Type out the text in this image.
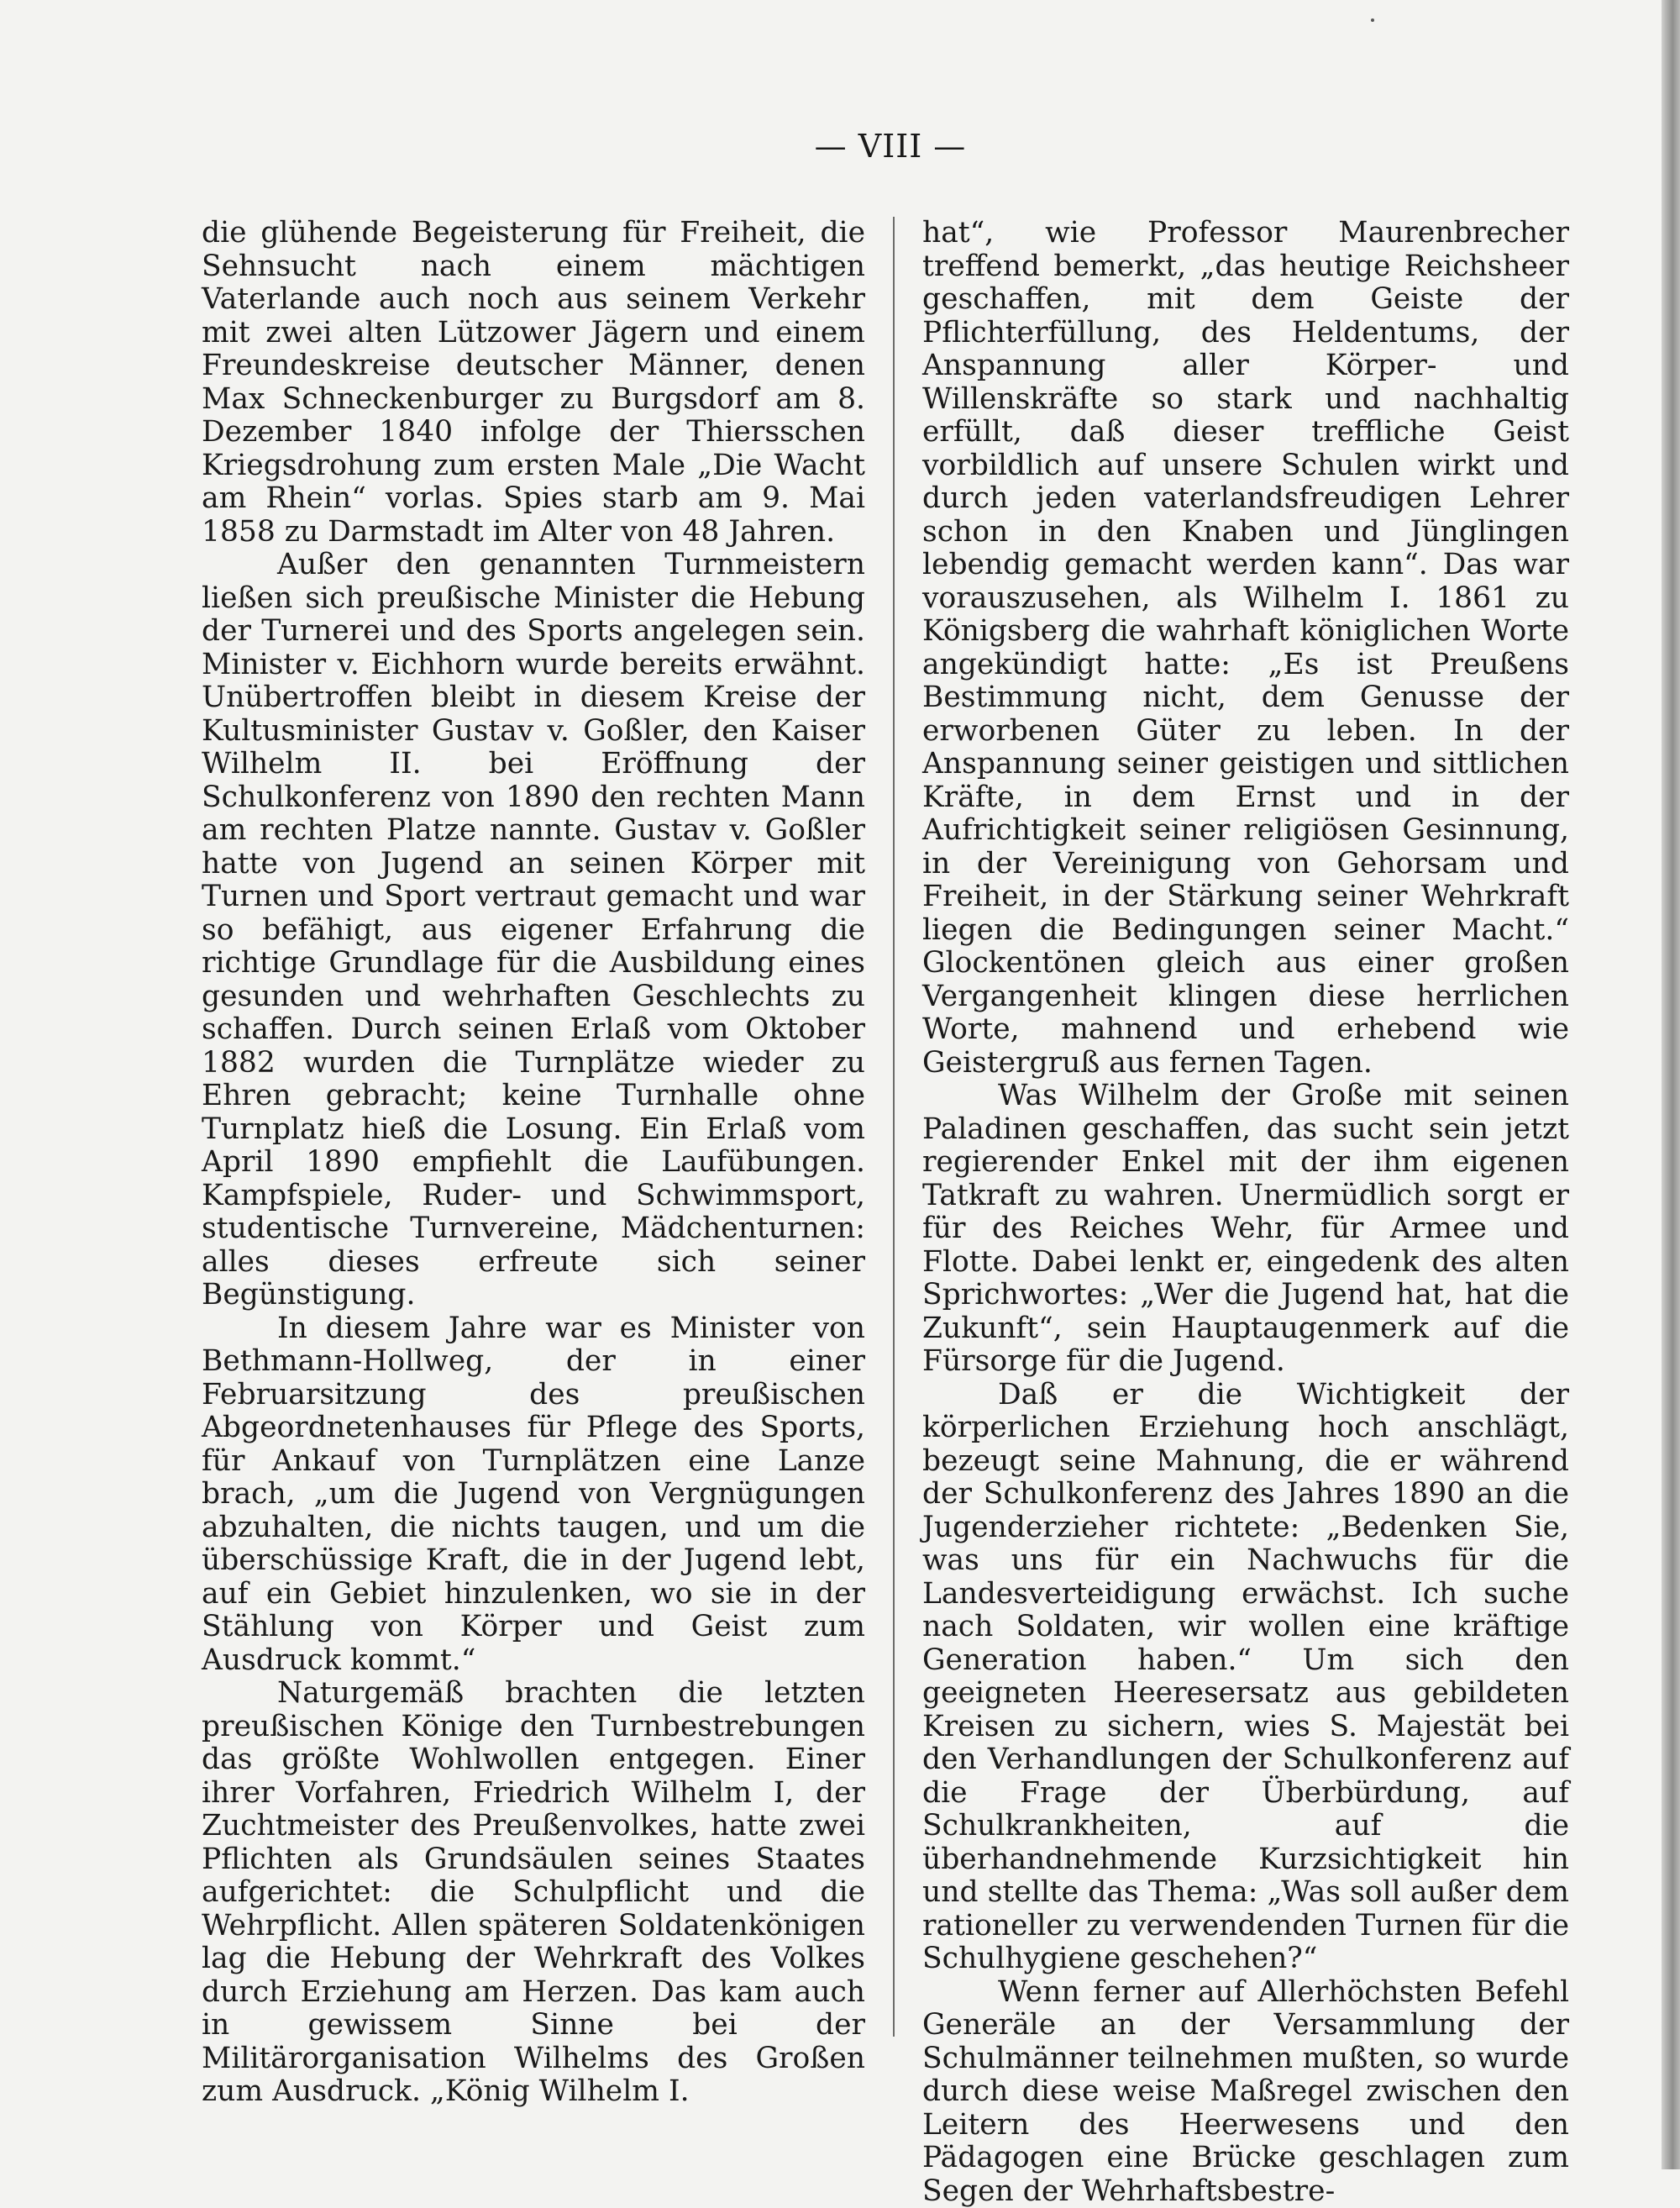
— VIII —

die glühende Begeisterung für Freiheit, die Sehnsucht nach einem mächtigen Vaterlande auch noch aus seinem Verkehr mit zwei alten Lützower Jägern und einem Freundeskreise deutscher Männer, denen Max Schneckenburger zu Burgsdorf am 8. Dezember 1840 infolge der Thiersschen Kriegsdrohung zum ersten Male „Die Wacht am Rhein“ vorlas. Spies starb am 9. Mai 1858 zu Darmstadt im Alter von 48 Jahren.

Außer den genannten Turnmeistern ließen sich preußische Minister die Hebung der Turnerei und des Sports angelegen sein. Minister v. Eichhorn wurde bereits erwähnt. Unübertroffen bleibt in diesem Kreise der Kultusminister Gustav v. Goßler, den Kaiser Wilhelm II. bei Eröffnung der Schulkonferenz von 1890 den rechten Mann am rechten Platze nannte. Gustav v. Goßler hatte von Jugend an seinen Körper mit Turnen und Sport vertraut gemacht und war so befähigt, aus eigener Erfahrung die richtige Grundlage für die Ausbildung eines gesunden und wehrhaften Geschlechts zu schaffen. Durch seinen Erlaß vom Oktober 1882 wurden die Turnplätze wieder zu Ehren gebracht; keine Turnhalle ohne Turnplatz hieß die Losung. Ein Erlaß vom April 1890 empfiehlt die Laufübungen. Kampfspiele, Ruder- und Schwimmsport, studentische Turnvereine, Mädchenturnen: alles dieses erfreute sich seiner Begünstigung.

In diesem Jahre war es Minister von Bethmann-Hollweg, der in einer Februarsitzung des preußischen Abgeordnetenhauses für Pflege des Sports, für Ankauf von Turnplätzen eine Lanze brach, „um die Jugend von Vergnügungen abzuhalten, die nichts taugen, und um die überschüssige Kraft, die in der Jugend lebt, auf ein Gebiet hinzulenken, wo sie in der Stählung von Körper und Geist zum Ausdruck kommt.“

Naturgemäß brachten die letzten preußischen Könige den Turnbestrebungen das größte Wohlwollen entgegen. Einer ihrer Vorfahren, Friedrich Wilhelm I, der Zuchtmeister des Preußenvolkes, hatte zwei Pflichten als Grundsäulen seines Staates aufgerichtet: die Schulpflicht und die Wehrpflicht. Allen späteren Soldatenkönigen lag die Hebung der Wehrkraft des Volkes durch Erziehung am Herzen. Das kam auch in gewissem Sinne bei der Militärorganisation Wilhelms des Großen zum Ausdruck. „König Wilhelm I.

hat“, wie Professor Maurenbrecher treffend bemerkt, „das heutige Reichsheer geschaffen, mit dem Geiste der Pflichterfüllung, des Heldentums, der Anspannung aller Körper- und Willenskräfte so stark und nachhaltig erfüllt, daß dieser treffliche Geist vorbildlich auf unsere Schulen wirkt und durch jeden vaterlandsfreudigen Lehrer schon in den Knaben und Jünglingen lebendig gemacht werden kann“. Das war vorauszusehen, als Wilhelm I. 1861 zu Königsberg die wahrhaft königlichen Worte angekündigt hatte: „Es ist Preußens Bestimmung nicht, dem Genusse der erworbenen Güter zu leben. In der Anspannung seiner geistigen und sittlichen Kräfte, in dem Ernst und in der Aufrichtigkeit seiner religiösen Gesinnung, in der Vereinigung von Gehorsam und Freiheit, in der Stärkung seiner Wehrkraft liegen die Bedingungen seiner Macht.“ Glockentönen gleich aus einer großen Vergangenheit klingen diese herrlichen Worte, mahnend und erhebend wie Geistergruß aus fernen Tagen.

Was Wilhelm der Große mit seinen Paladinen geschaffen, das sucht sein jetzt regierender Enkel mit der ihm eigenen Tatkraft zu wahren. Unermüdlich sorgt er für des Reiches Wehr, für Armee und Flotte. Dabei lenkt er, eingedenk des alten Sprichwortes: „Wer die Jugend hat, hat die Zukunft“, sein Hauptaugenmerk auf die Fürsorge für die Jugend.

Daß er die Wichtigkeit der körperlichen Erziehung hoch anschlägt, bezeugt seine Mahnung, die er während der Schulkonferenz des Jahres 1890 an die Jugenderzieher richtete: „Bedenken Sie, was uns für ein Nachwuchs für die Landesverteidigung erwächst. Ich suche nach Soldaten, wir wollen eine kräftige Generation haben.“ Um sich den geeigneten Heeresersatz aus gebildeten Kreisen zu sichern, wies S. Majestät bei den Verhandlungen der Schulkonferenz auf die Frage der Überbürdung, auf Schulkrankheiten, auf die überhandnehmende Kurzsichtigkeit hin und stellte das Thema: „Was soll außer dem rationeller zu verwendenden Turnen für die Schulhygiene geschehen?“

Wenn ferner auf Allerhöchsten Befehl Generäle an der Versammlung der Schulmänner teilnehmen mußten, so wurde durch diese weise Maßregel zwischen den Leitern des Heerwesens und den Pädagogen eine Brücke geschlagen zum Segen der Wehrhaftsbestre-
